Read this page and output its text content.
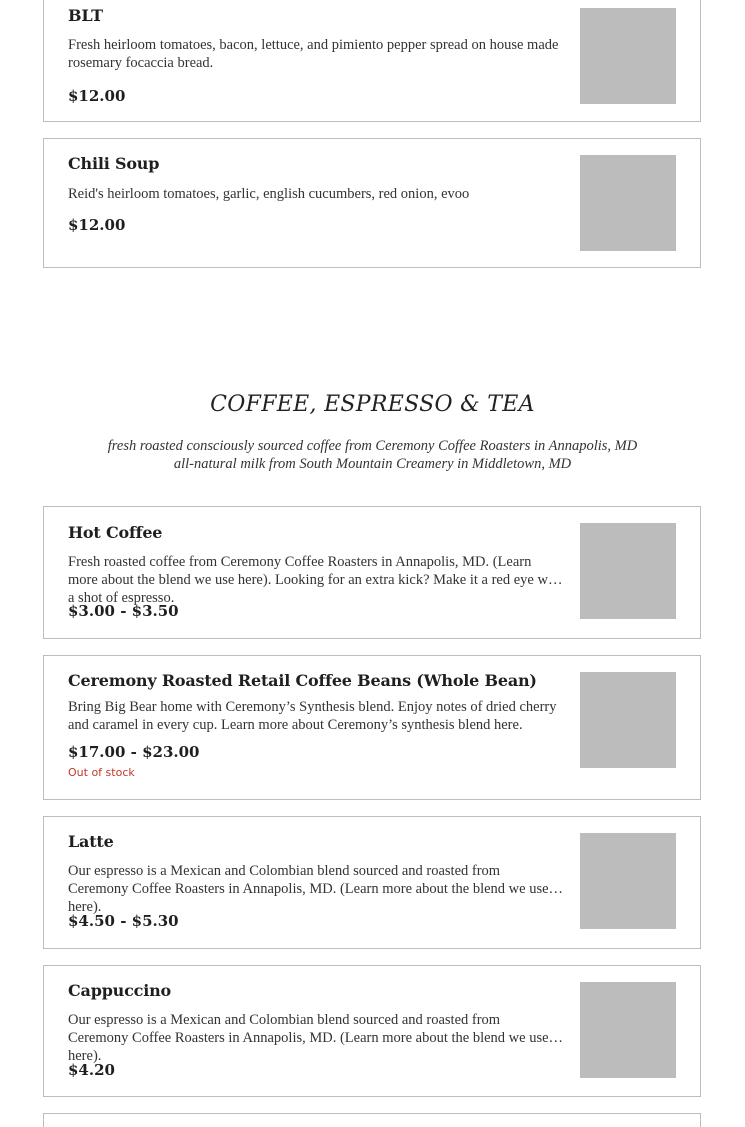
BLT
Fresh heirloom tomatoes, bacon, lettuce, and pimiento pepper spread on house made rosemary focaccia bread.
$12.00
Chili Soup
Reid's heirloom tomatoes, garlic, english cucumbers, red onion, evoo
$12.00
COFFEE, ESPRESSO & TEA
fresh roasted consciously sourced coffee from Ceremony Coffee Roasters in Annapolis, MD
all-natural milk from South Mountain Creamery in Middletown, MD
Hot Coffee
Fresh roasted coffee from Ceremony Coffee Roasters in Annapolis, MD. (Learn more about the blend we use here). Looking for an extra kick? Make it a red eye with a shot of espresso.
$3.00 - $3.50
Ceremony Roasted Retail Coffee Beans (Whole Bean)
Bring Big Bear home with Ceremony’s Synthesis blend. Enjoy notes of dried cherry and caramel in every cup. Learn more about Ceremony’s synthesis blend here.
$17.00 - $23.00
Out of stock
Latte
Our espresso is a Mexican and Colombian blend sourced and roasted from Ceremony Coffee Roasters in Annapolis, MD. (Learn more about the blend we use here).
$4.50 - $5.30
Cappuccino
Our espresso is a Mexican and Colombian blend sourced and roasted from Ceremony Coffee Roasters in Annapolis, MD. (Learn more about the blend we use here).
$4.20
